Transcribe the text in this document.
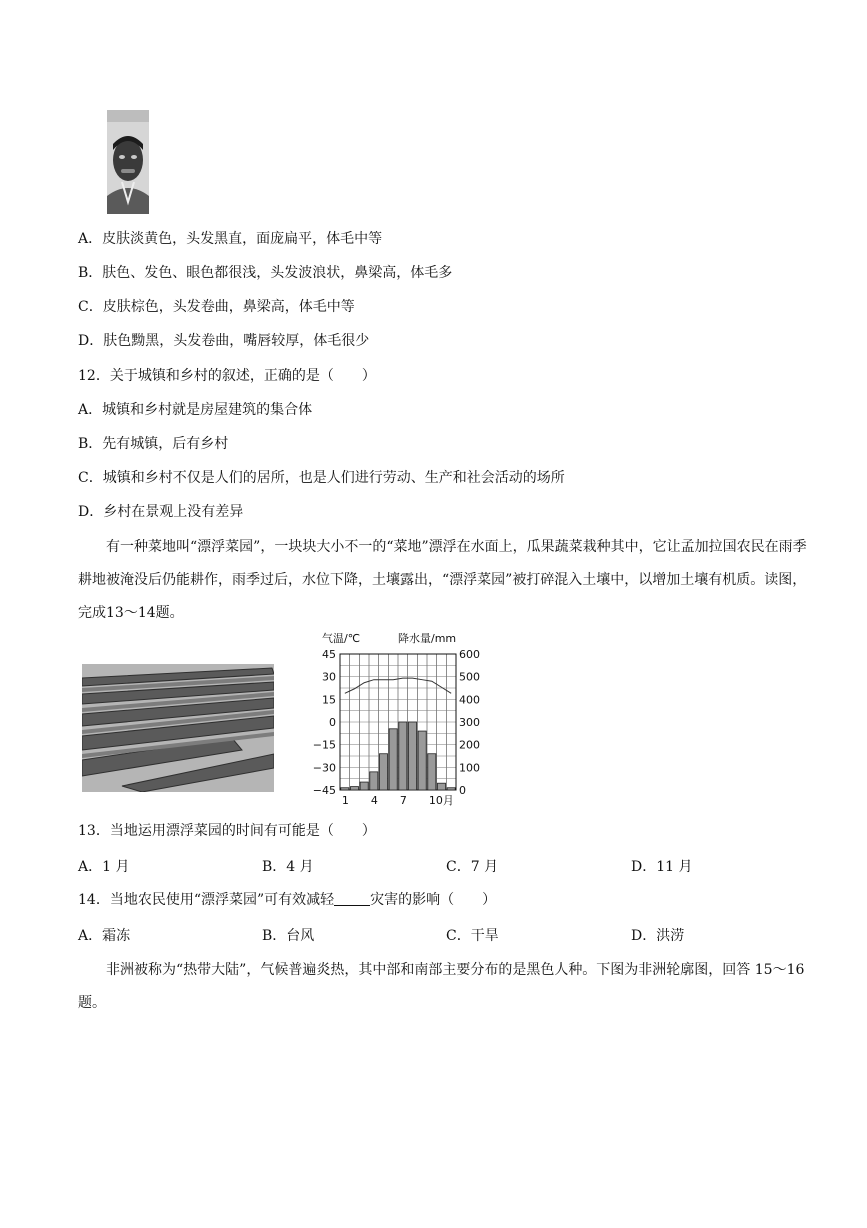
A．皮肤淡黄色，头发黑直，面庞扁平，体毛中等
B．肤色、发色、眼色都很浅，头发波浪状，鼻梁高，体毛多
C．皮肤棕色，头发卷曲，鼻梁高，体毛中等
D．肤色黝黑，头发卷曲，嘴唇较厚，体毛很少
12．关于城镇和乡村的叙述，正确的是（　　）
A．城镇和乡村就是房屋建筑的集合体
B．先有城镇，后有乡村
C．城镇和乡村不仅是人们的居所，也是人们进行劳动、生产和社会活动的场所
D．乡村在景观上没有差异
有一种菜地叫“漂浮菜园”，一块块大小不一的“菜地”漂浮在水面上，瓜果蔬菜栽种其中，它让孟加拉国农民在雨季耕地被淹没后仍能耕作，雨季过后，水位下降，土壤露出，“漂浮菜园”被打碎混入土壤中，以增加土壤有机质。读图，完成13～14题。
气温/℃	降水量/mm
45
30
15
0
−15
−30
−45
600
500
400
300
200
100
0
1 4 7 10月
13．当地运用漂浮菜园的时间有可能是（　　）
A．1 月	B．4 月	C．7 月	D．11 月
14．当地农民使用“漂浮菜园”可有效减轻	灾害的影响（　　）
A．霜冻	B．台风	C．干旱	D．洪涝
非洲被称为“热带大陆”，气候普遍炎热，其中部和南部主要分布的是黑色人种。下图为非洲轮廓图，回答 15～16 题。
